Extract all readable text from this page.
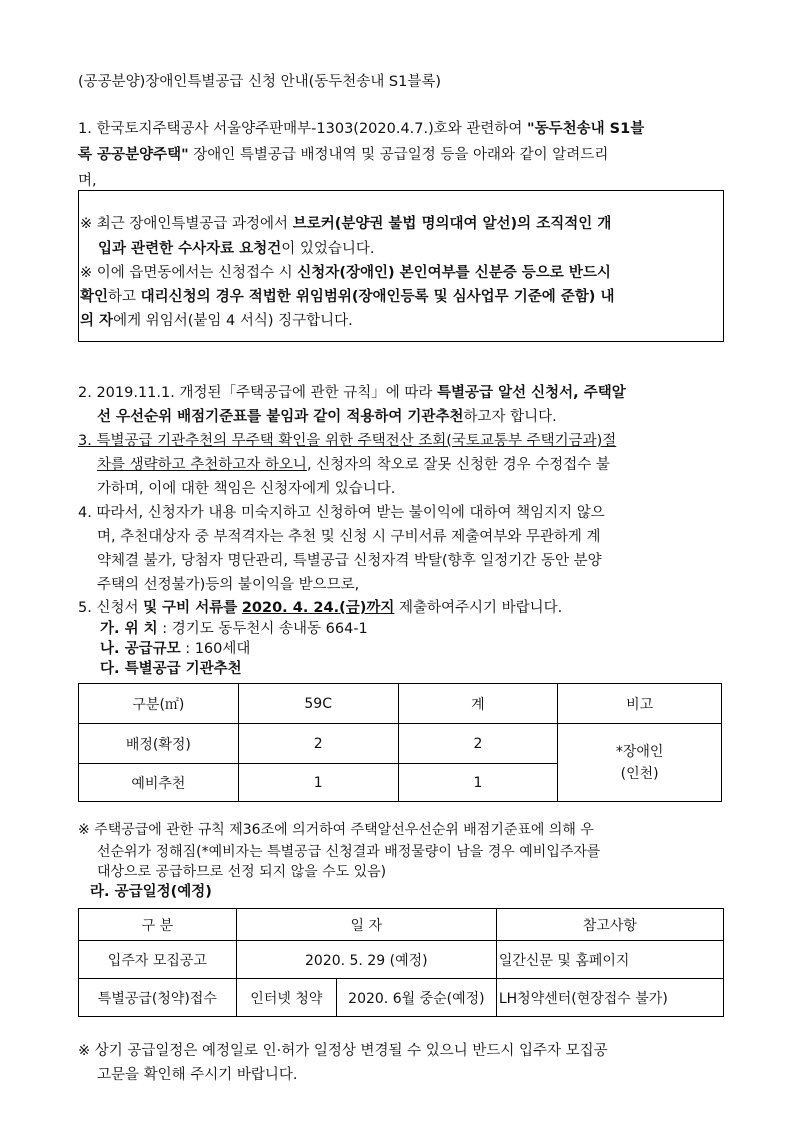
(공공분양)장애인특별공급 신청 안내(동두천송내 S1블록)
1. 한국토지주택공사 서울양주판매부-1303(2020.4.7.)호와 관련하여 "동두천송내 S1블
록 공공분양주택" 장애인 특별공급 배정내역 및 공급일정 등을 아래와 같이 알려드리
며,
※ 최근 장애인특별공급 과정에서 브로커(분양권 불법 명의대여 알선)의 조직적인 개
입과 관련한 수사자료 요청건이 있었습니다.
※ 이에 읍면동에서는 신청접수 시 신청자(장애인) 본인여부를 신분증 등으로 반드시
확인하고 대리신청의 경우 적법한 위임범위(장애인등록 및 심사업무 기준에 준함) 내
의 자에게 위임서(붙임 4 서식) 징구합니다.
2. 2019.11.1. 개정된「주택공급에 관한 규칙」에 따라 특별공급 알선 신청서, 주택알
선 우선순위 배점기준표를 붙임과 같이 적용하여 기관추천하고자 합니다.
3. 특별공급 기관추천의 무주택 확인을 위한 주택전산 조회(국토교통부 주택기금과)절
차를 생략하고 추천하고자 하오니, 신청자의 착오로 잘못 신청한 경우 수정접수 불
가하며, 이에 대한 책임은 신청자에게 있습니다.
4. 따라서, 신청자가 내용 미숙지하고 신청하여 받는 불이익에 대하여 책임지지 않으
며, 추천대상자 중 부적격자는 추천 및 신청 시 구비서류 제출여부와 무관하게 계
약체결 불가, 당첨자 명단관리, 특별공급 신청자격 박탈(향후 일정기간 동안 분양
주택의 선정불가)등의 불이익을 받으므로,
5. 신청서 및 구비 서류를 2020. 4. 24.(금)까지 제출하여주시기 바랍니다.
가. 위 치 : 경기도 동두천시 송내동 664-1
나. 공급규모 : 160세대
다. 특별공급 기관추천
구분(㎡)	59C	계	비고
배정(확정)	2	2	*장애인
(인천)

예비추천	1	1	
※ 주택공급에 관한 규칙 제36조에 의거하여 주택알선우선순위 배점기준표에 의해 우
선순위가 정해짐(*예비자는 특별공급 신청결과 배정물량이 남을 경우 예비입주자를
대상으로 공급하므로 선정 되지 않을 수도 있음)
라. 공급일정(예정)
구 분	일 자		참고사항
입주자 모집공고	2020. 5. 29 (예정)		일간신문 및 홈페이지
특별공급(청약)접수	인터넷 청약	2020. 6월 중순(예정)	LH청약센터(현장접수 불가)
※ 상기 공급일정은 예정일로 인·허가 일정상 변경될 수 있으니 반드시 입주자 모집공
고문을 확인해 주시기 바랍니다.
